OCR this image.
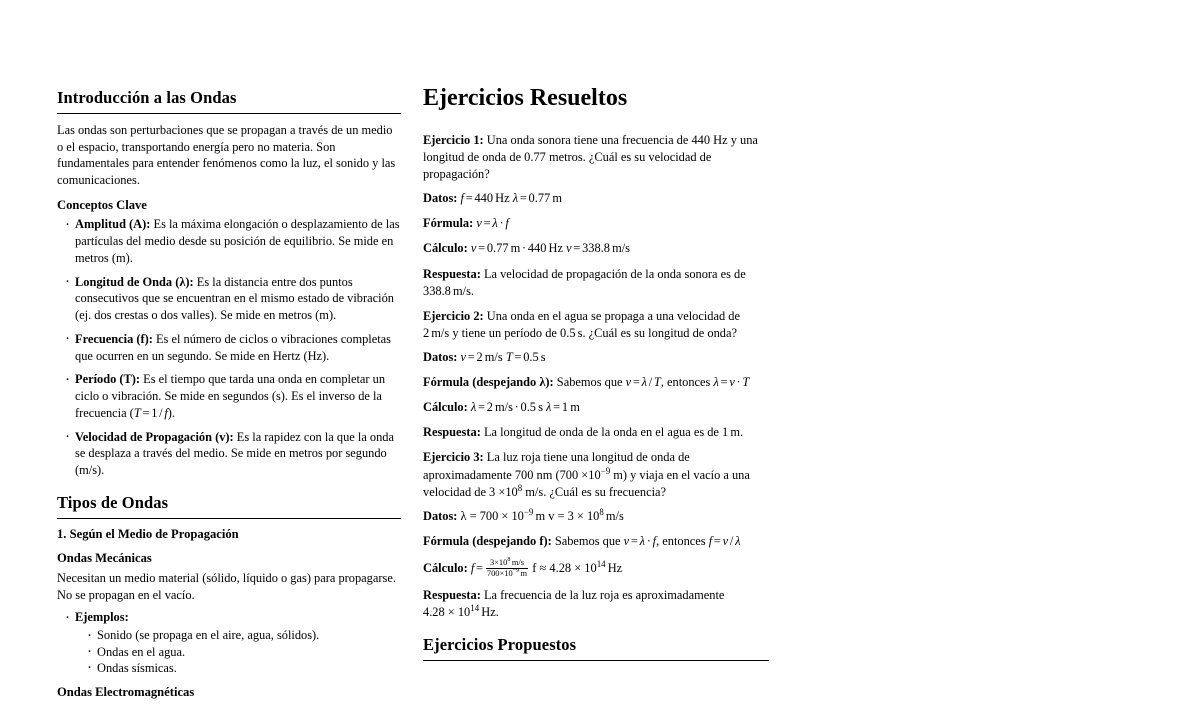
Introducción a las Ondas

Las ondas son perturbaciones que se propagan a través de un medio o el espacio, transportando energía pero no materia. Son fundamentales para entender fenómenos como la luz, el sonido y las comunicaciones.

Conceptos Clave
· Amplitud (A): Es la máxima elongación o desplazamiento de las partículas del medio desde su posición de equilibrio. Se mide en metros (m).
· Longitud de Onda (λ): Es la distancia entre dos puntos consecutivos que se encuentran en el mismo estado de vibración (ej. dos crestas o dos valles). Se mide en metros (m).
· Frecuencia (f): Es el número de ciclos o vibraciones completas que ocurren en un segundo. Se mide en Hertz (Hz).
· Período (T): Es el tiempo que tarda una onda en completar un ciclo o vibración. Se mide en segundos (s). Es el inverso de la frecuencia (T = 1 / f).
· Velocidad de Propagación (v): Es la rapidez con la que la onda se desplaza a través del medio. Se mide en metros por segundo (m/s).
Tipos de Ondas
1. Según el Medio de Propagación
Ondas Mecánicas

Necesitan un medio material (sólido, líquido o gas) para propagarse. No se propagan en el vacío.

· Ejemplos:
· Sonido (se propaga en el aire, agua, sólidos).
· Ondas en el agua.
· Ondas sísmicas.
Ondas Electromagnéticas
Ejercicios Resueltos

Ejercicio 1: Una onda sonora tiene una frecuencia de 440 Hz y una longitud de onda de 0.77 metros. ¿Cuál es su velocidad de propagación?

Datos: f = 440 Hz λ = 0.77 m

Fórmula: v = λ · f

Cálculo: v = 0.77 m · 440 Hz v = 338.8 m/s

Respuesta: La velocidad de propagación de la onda sonora es de 338.8 m/s.

Ejercicio 2: Una onda en el agua se propaga a una velocidad de 2 m/s y tiene un período de 0.5 s. ¿Cuál es su longitud de onda?

Datos: v = 2 m/s T = 0.5 s

Fórmula (despejando λ): Sabemos que v = λ / T, entonces λ = v · T

Cálculo: λ = 2 m/s · 0.5 s λ = 1 m

Respuesta: La longitud de onda de la onda en el agua es de 1 m.

Ejercicio 3: La luz roja tiene una longitud de onda de aproximadamente 700 nm ($700 \times 10^{-9}$ m) y viaja en el vacío a una velocidad de $3 \times 10^8$ m/s. ¿Cuál es su frecuencia?

Datos: $\lambda = 700 \times 10^{-9}$ m $v = 3 \times 10^8$ m/s

Fórmula (despejando f): Sabemos que v = λ · f, entonces f = v / λ

Cálculo: $f = \frac{3\times 10^8m/s}{700\times 10^{-9}m}$ $f \approx 4.28 \times 10^{14}$ Hz

Respuesta: La frecuencia de la luz roja es aproximadamente $4.28 \times 10^{14}$ Hz.

Ejercicios Propuestos
